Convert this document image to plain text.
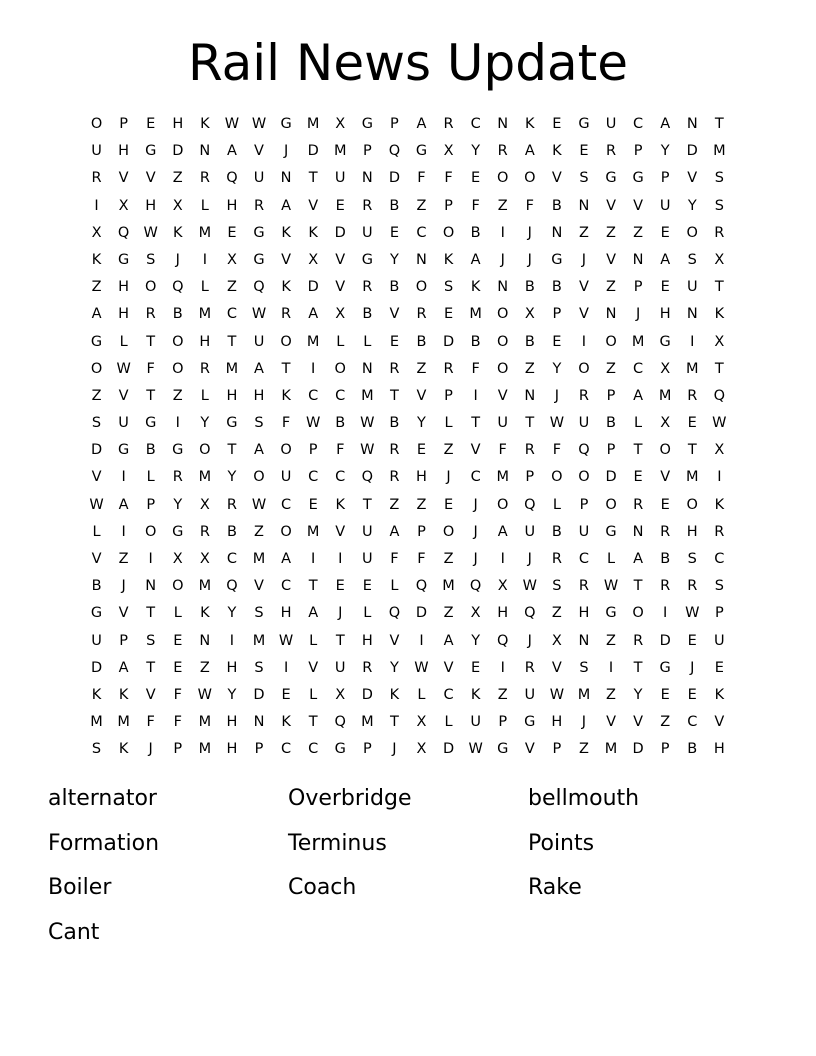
Rail News Update
O	P	E	H	K	W W G	M	X	G	P	A	R	C	N	K	E	G	U	C	A	N	T
U	H	G	D	N	A	V	J	D	M	P	Q	G	X	Y	R	A	K	E	R	P	Y	D	M
R	V	V	Z	R	Q	U	N	T	U	N	D	F	F	E	O	O	V	S	G	G	P	V	S
I	X	H	X	L	H	R	A	V	E	R	B	Z	P	F	Z	F	B	N	V	V	U	Y	S
X	Q W	K	M	E	G	K	K	D	U	E	C	O	B	I	J	N	Z	Z	Z	E	O	R
K	G	S	J	I	X	G	V	X	V	G	Y	N	K	A	J	J	G	J	V	N	A	S	X
Z	H	O	Q	L	Z	Q	K	D	V	R	B	O	S	K	N	B	B	V	Z	P	E	U	T
A	H	R	B	M	C	W	R	A	X	B	V	R	E	M	O	X	P	V	N	J	H	N	K
G	L	T	O	H	T	U	O	M	L	L	E	B	D	B	O	B	E	I	O	M	G	I	X
O W	F	O	R	M	A	T	I	O	N	R	Z	R	F	O	Z	Y	O	Z	C	X	M	T
Z	V	T	Z	L	H	H	K	C	C	M	T	V	P	I	V	N	J	R	P	A	M	R	Q
S	U	G	I	Y	G	S	F	W	B	W	B	Y	L	T	U	T	W	U	B	L	X	E	W
D	G	B	G	O	T	A	O	P	F	W	R	E	Z	V	F	R	F	Q	P	T	O	T	X
V	I	L	R	M	Y	O	U	C	C	Q	R	H	J	C	M	P	O	O	D	E	V	M	I
W	A	P	Y	X	R	W	C	E	K	T	Z	Z	E	J	O	Q	L	P	O	R	E	O	K
L	I	O	G	R	B	Z	O	M	V	U	A	P	O	J	A	U	B	U	G	N	R	H	R
V	Z	I	X	X	C	M	A	I	I	U	F	F	Z	J	I	J	R	C	L	A	B	S	C
B	J	N	O	M	Q	V	C	T	E	E	L	Q	M	Q	X	W	S	R	W	T	R	R	S
G	V	T	L	K	Y	S	H	A	J	L	Q	D	Z	X	H	Q	Z	H	G	O	I	W	P
U	P	S	E	N	I	M W	L	T	H	V	I	A	Y	Q	J	X	N	Z	R	D	E	U
D	A	T	E	Z	H	S	I	V	U	R	Y	W	V	E	I	R	V	S	I	T	G	J	E
K	K	V	F	W	Y	D	E	L	X	D	K	L	C	K	Z	U	W M	Z	Y	E	E	K
M	M	F	F	M	H	N	K	T	Q	M	T	X	L	U	P	G	H	J	V	V	Z	C	V
S	K	J	P	M	H	P	C	C	G	P	J	X	D W G	V	P	Z	M	D	P	B	H
alternator	Overbridge	bellmouth
Formation	Terminus	Points
Boiler	Coach	Rake
Cant
